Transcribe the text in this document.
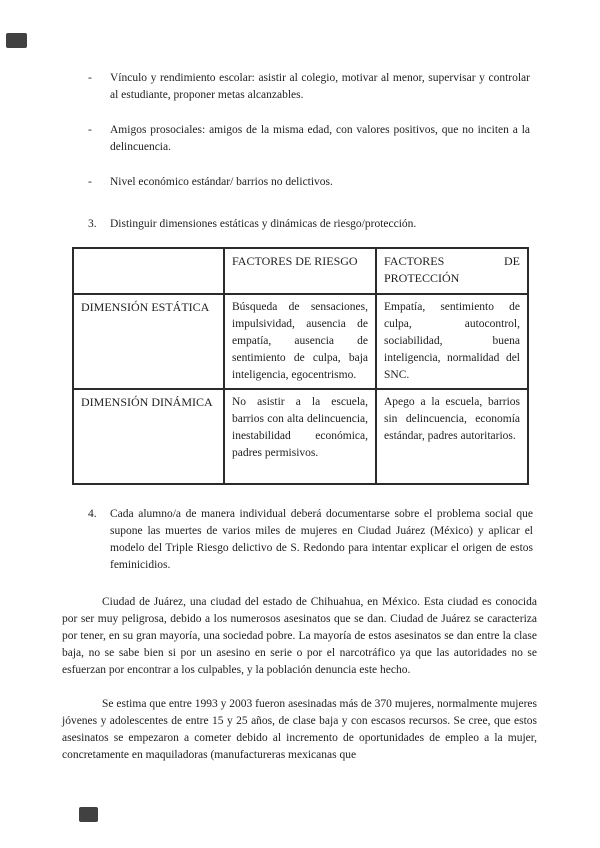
-	Vínculo y rendimiento escolar: asistir al colegio, motivar al menor, supervisar y controlar al estudiante, proponer metas alcanzables.
-	Amigos prosociales: amigos de la misma edad, con valores positivos, que no inciten a la delincuencia.
-	Nivel económico estándar/ barrios no delictivos.
3.	Distinguir dimensiones estáticas y dinámicas de riesgo/protección.
	FACTORES DE RIESGO	FACTORES DE PROTECCIÓN
DIMENSIÓN ESTÁTICA	Búsqueda de sensaciones, impulsividad, ausencia de empatía, ausencia de sentimiento de culpa, baja inteligencia, egocentrismo.	Empatía, sentimiento de culpa, autocontrol, sociabilidad, buena inteligencia, normalidad del SNC.
DIMENSIÓN DINÁMICA	No asistir a la escuela, barrios con alta delincuencia, inestabilidad económica, padres permisivos.	Apego a la escuela, barrios sin delincuencia, economía estándar, padres autoritarios.
4.	Cada alumno/a de manera individual deberá documentarse sobre el problema social que supone las muertes de varios miles de mujeres en Ciudad Juárez (México) y aplicar el modelo del Triple Riesgo delictivo de S. Redondo para intentar explicar el origen de estos feminicidios.

Ciudad de Juárez, una ciudad del estado de Chihuahua, en México. Esta ciudad es conocida por ser muy peligrosa, debido a los numerosos asesinatos que se dan. Ciudad de Juárez se caracteriza por tener, en su gran mayoría, una sociedad pobre. La mayoría de estos asesinatos se dan entre la clase baja, no se sabe bien si por un asesino en serie o por el narcotráfico ya que las autoridades no se esfuerzan por encontrar a los culpables, y la población denuncia este hecho.

Se estima que entre 1993 y 2003 fueron asesinadas más de 370 mujeres, normalmente mujeres jóvenes y adolescentes de entre 15 y 25 años, de clase baja y con escasos recursos. Se cree, que estos asesinatos se empezaron a cometer debido al incremento de oportunidades de empleo a la mujer, concretamente en maquiladoras (manufactureras mexicanas que
